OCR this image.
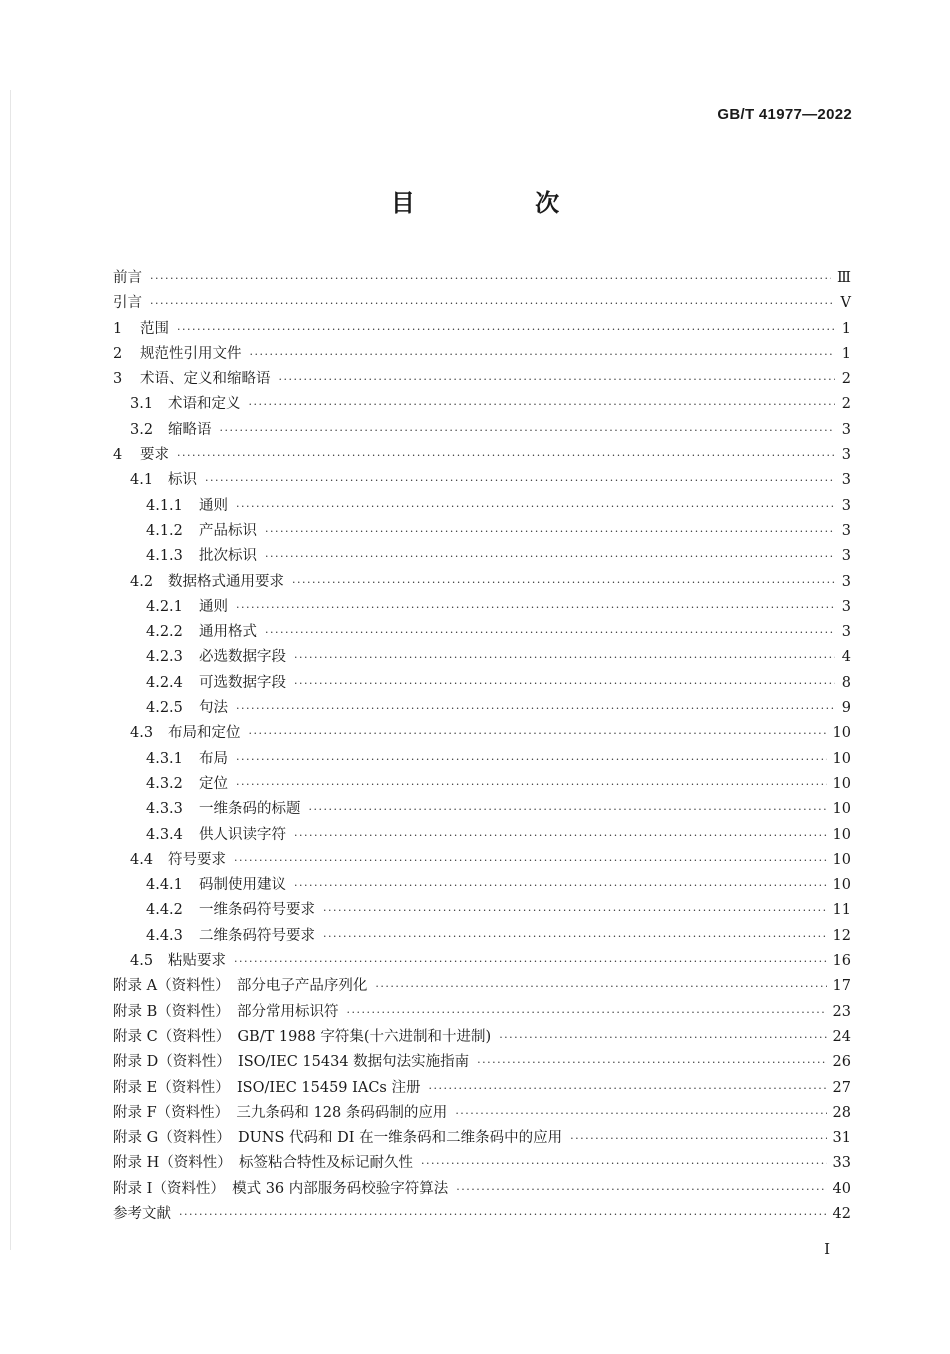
GB/T 41977—2022
目 次
前言 ·····	Ⅲ
引言 ·····	Ⅴ
1	范围 ·····	1
2	规范性引用文件 ·····	1
3	术语、定义和缩略语 ·····	2
3.1	术语和定义 ·····	2
3.2	缩略语 ·····	3
4	要求 ·····	3
4.1	标识 ·····	3
4.1.1	通则 ·····	3
4.1.2	产品标识 ·····	3
4.1.3	批次标识 ·····	3
4.2	数据格式通用要求 ·····	3
4.2.1	通则 ·····	3
4.2.2	通用格式 ·····	3
4.2.3	必选数据字段 ·····	4
4.2.4	可选数据字段 ·····	8
4.2.5	句法 ·····	9
4.3	布局和定位 ·····	10
4.3.1	布局 ·····	10
4.3.2	定位 ·····	10
4.3.3	一维条码的标题 ·····	10
4.3.4	供人识读字符 ·····	10
4.4	符号要求 ·····	10
4.4.1	码制使用建议 ·····	10
4.4.2	一维条码符号要求 ·····	11
4.4.3	二维条码符号要求 ·····	12
4.5	粘贴要求 ·····	16
附录 A（资料性）　部分电子产品序列化 ·····	17
附录 B（资料性）　部分常用标识符 ·····	23
附录 C（资料性）　GB/T 1988 字符集(十六进制和十进制) ·····	24
附录 D（资料性）　ISO/IEC 15434 数据句法实施指南 ·····	26
附录 E（资料性）　ISO/IEC 15459 IACs 注册 ·····	27
附录 F（资料性）　三九条码和 128 条码码制的应用 ·····	28
附录 G（资料性）　DUNS 代码和 DI 在一维条码和二维条码中的应用 ·····	31
附录 H（资料性）　标签粘合特性及标记耐久性 ·····	33
附录 I（资料性）　模式 36 内部服务码校验字符算法 ·····	40
参考文献 ·····	42
I
